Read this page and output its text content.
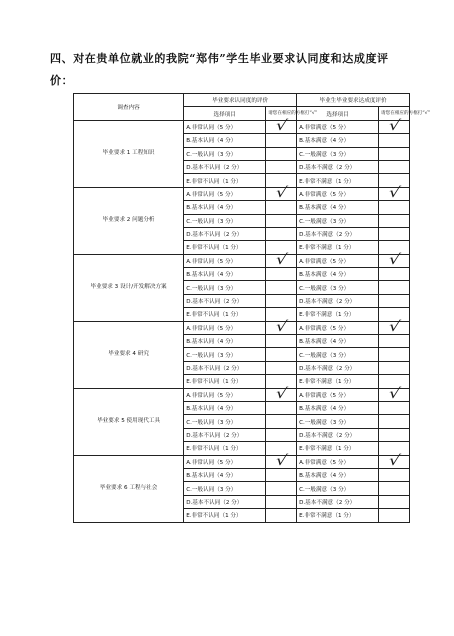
四、对在贵单位就业的我院“郑伟”学生毕业要求认同度和达成度评价：
调查内容	毕业要求认同度的评价		毕业生毕业要求达成度评价	
	选择项目	请您在相应的方框打“√”	选择项目	请您在相应的方框打“√”
毕业要求 1 工程知识	A.非常认同（5 分）	√	A.非常满意（5 分）	√
	B.基本认同（4 分）		B.基本满意（4 分）	
	C.一般认同（3 分）		C.一般满意（3 分）	
	D.基本不认同（2 分）		D.基本不满意（2 分）	
	E.非常不认同（1 分）		E.非常不满意（1 分）	
毕业要求 2 问题分析	A.非常认同（5 分）	√	A.非常满意（5 分）	√
	B.基本认同（4 分）		B.基本满意（4 分）	
	C.一般认同（3 分）		C.一般满意（3 分）	
	D.基本不认同（2 分）		D.基本不满意（2 分）	
	E.非常不认同（1 分）		E.非常不满意（1 分）	
毕业要求 3 设计/开发解决方案	A.非常认同（5 分）	√	A.非常满意（5 分）	√
	B.基本认同（4 分）		B.基本满意（4 分）	
	C.一般认同（3 分）		C.一般满意（3 分）	
	D.基本不认同（2 分）		D.基本不满意（2 分）	
	E.非常不认同（1 分）		E.非常不满意（1 分）	
毕业要求 4 研究	A.非常认同（5 分）	√	A.非常满意（5 分）	√
	B.基本认同（4 分）		B.基本满意（4 分）	
	C.一般认同（3 分）		C.一般满意（3 分）	
	D.基本不认同（2 分）		D.基本不满意（2 分）	
	E.非常不认同（1 分）		E.非常不满意（1 分）	
毕业要求 5 使用现代工具	A.非常认同（5 分）	√	A.非常满意（5 分）	√
	B.基本认同（4 分）		B.基本满意（4 分）	
	C.一般认同（3 分）		C.一般满意（3 分）	
	D.基本不认同（2 分）		D.基本不满意（2 分）	
	E.非常不认同（1 分）		E.非常不满意（1 分）	
毕业要求 6 工程与社会	A.非常认同（5 分）	√	A.非常满意（5 分）	√
	B.基本认同（4 分）		B.基本满意（4 分）	
	C.一般认同（3 分）		C.一般满意（3 分）	
	D.基本不认同（2 分）		D.基本不满意（2 分）	
	E.非常不认同（1 分）		E.非常不满意（1 分）	
